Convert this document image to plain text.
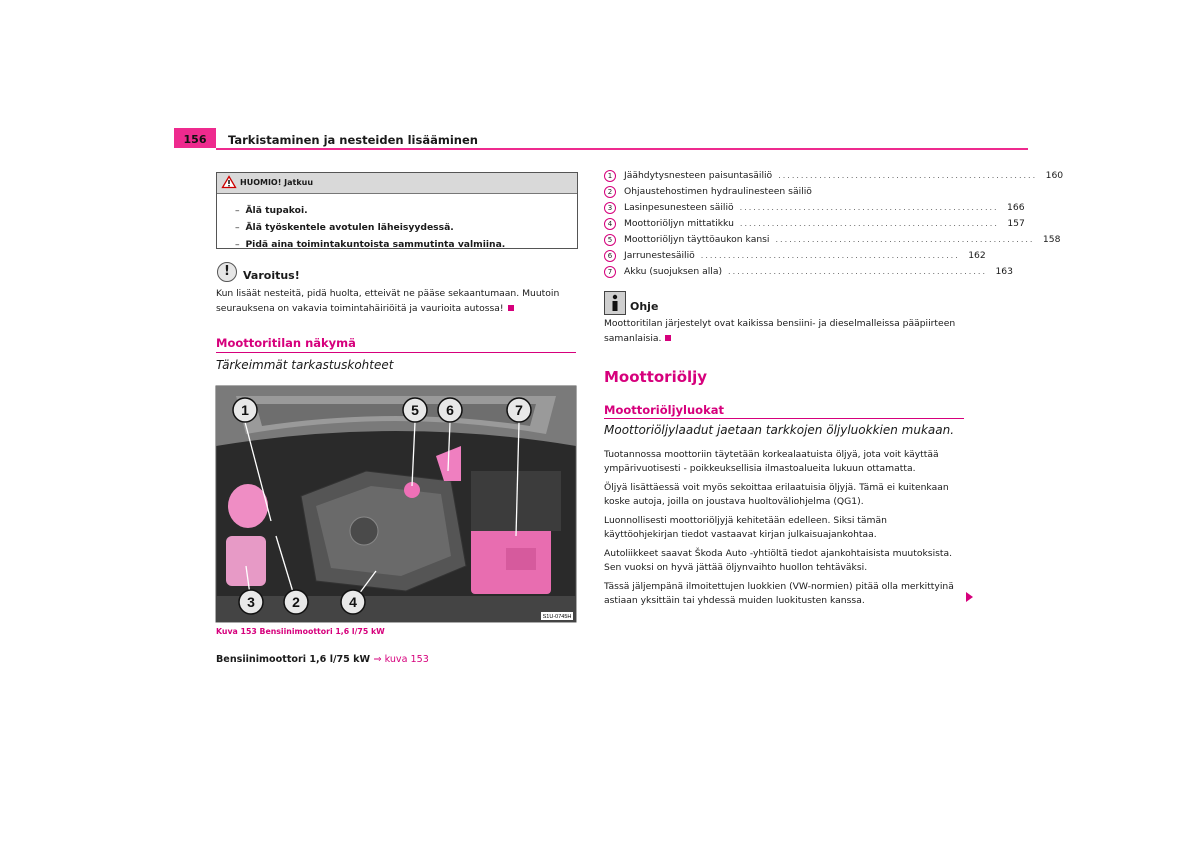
156	Tarkistaminen ja nesteiden lisääminen
HUOMIO! Jatkuu
–  Älä tupakoi.
–  Älä työskentele avotulen läheisyydessä.
–  Pidä aina toimintakuntoista sammutinta valmiina.
!	Varoitus!
Kun lisäät nesteitä, pidä huolta, etteivät ne pääse sekaantumaan. Muutoin seurauksena on vakavia toimintahäiriöitä ja vaurioita autossa!
Moottoritilan näkymä
Tärkeimmät tarkastuskohteet
1
2
3	4
5 6	7
S1U-0745H
Kuva 153 Bensiinimoottori 1,6 l/75 kW
Bensiinimoottori 1,6 l/75 kW ⇒ kuva 153
1	Jäähdytysnesteen paisuntasäiliö ......................................................... 160
2	Ohjaustehostimen hydraulinesteen säiliö
3	Lasinpesunesteen säiliö ......................................................... 166
4	Moottoriöljyn mittatikku ......................................................... 157
5	Moottoriöljyn täyttöaukon kansi ......................................................... 158
6	Jarrunestesäiliö ......................................................... 162
7	Akku (suojuksen alla) ......................................................... 163
Ohje
Moottoritilan järjestelyt ovat kaikissa bensiini- ja dieselmalleissa pääpiirteen samanlaisia.
Moottoriöljy
Moottoriöljyluokat
Moottoriöljylaadut jaetaan tarkkojen öljyluokkien mukaan.

Tuotannossa moottoriin täytetään korkealaatuista öljyä, jota voit käyttää ympärivuotisesti - poikkeuksellisia ilmastoalueita lukuun ottamatta.

Öljyä lisättäessä voit myös sekoittaa erilaatuisia öljyjä. Tämä ei kuitenkaan koske autoja, joilla on joustava huoltoväliohjelma (QG1).

Luonnollisesti moottoriöljyjä kehitetään edelleen. Siksi tämän käyttöohjekirjan tiedot vastaavat kirjan julkaisuajankohtaa.

Autoliikkeet saavat Škoda Auto -yhtiöltä tiedot ajankohtaisista muutoksista. Sen vuoksi on hyvä jättää öljynvaihto huollon tehtäväksi.

Tässä jäljempänä ilmoitettujen luokkien (VW-normien) pitää olla merkittyinä astiaan yksittäin tai yhdessä muiden luokitusten kanssa.
